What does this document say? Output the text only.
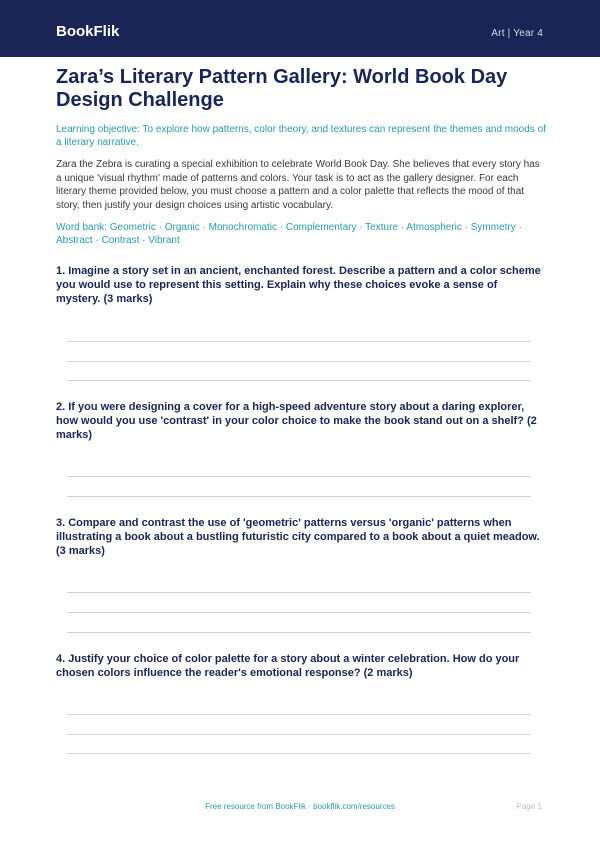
BookFlik	Art | Year 4
Zara’s Literary Pattern Gallery: World Book Day Design Challenge

Learning objective: To explore how patterns, color theory, and textures can represent the themes and moods of a literary narrative.

Zara the Zebra is curating a special exhibition to celebrate World Book Day. She believes that every story has a unique 'visual rhythm' made of patterns and colors. Your task is to act as the gallery designer. For each literary theme provided below, you must choose a pattern and a color palette that reflects the mood of that story, then justify your design choices using artistic vocabulary.

Word bank: Geometric · Organic · Monochromatic · Complementary · Texture · Atmospheric · Symmetry · Abstract · Contrast · Vibrant

1. Imagine a story set in an ancient, enchanted forest. Describe a pattern and a color scheme you would use to represent this setting. Explain why these choices evoke a sense of mystery. (3 marks)

2. If you were designing a cover for a high-speed adventure story about a daring explorer, how would you use 'contrast' in your color choice to make the book stand out on a shelf? (2 marks)

3. Compare and contrast the use of 'geometric' patterns versus 'organic' patterns when illustrating a book about a bustling futuristic city compared to a book about a quiet meadow. (3 marks)

4. Justify your choice of color palette for a story about a winter celebration. How do your chosen colors influence the reader's emotional response? (2 marks)

Free resource from BookFlik · bookflik.com/resources	Page 1
